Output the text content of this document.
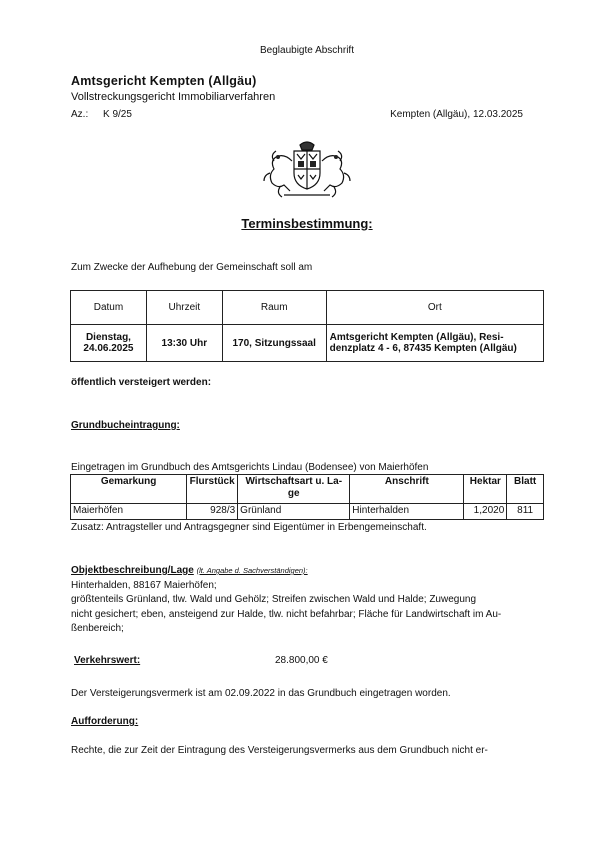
Beglaubigte Abschrift
Amtsgericht Kempten (Allgäu)
Vollstreckungsgericht Immobiliarverfahren
Az.: K 9/25	Kempten (Allgäu), 12.03.2025
Terminsbestimmung:
Zum Zwecke der Aufhebung der Gemeinschaft soll am
Datum	Uhrzeit	Raum	Ort
Dienstag,
24.06.2025	13:30 Uhr	170, Sitzungssaal	Amtsgericht Kempten (Allgäu), Resi-
denzplatz 4 - 6, 87435 Kempten (Allgäu)
öffentlich versteigert werden:
Grundbucheintragung:
Eingetragen im Grundbuch des Amtsgerichts Lindau (Bodensee) von Maierhöfen
Gemarkung	Flurstück	Wirtschaftsart u. La-
ge	Anschrift	Hektar	Blatt
Maierhöfen	928/3	Grünland	Hinterhalden	1,2020	811
Zusatz: Antragsteller und Antragsgegner sind Eigentümer in Erbengemeinschaft.
Objektbeschreibung/Lage (lt. Angabe d. Sachverständigen):
Hinterhalden, 88167 Maierhöfen;
größtenteils Grünland, tlw. Wald und Gehölz; Streifen zwischen Wald und Halde; Zuwegung
nicht gesichert; eben, ansteigend zur Halde, tlw. nicht befahrbar; Fläche für Landwirtschaft im Au-
ßenbereich;
Verkehrswert:	28.800,00 €
Der Versteigerungsvermerk ist am 02.09.2022 in das Grundbuch eingetragen worden.
Aufforderung:
Rechte, die zur Zeit der Eintragung des Versteigerungsvermerks aus dem Grundbuch nicht er-
